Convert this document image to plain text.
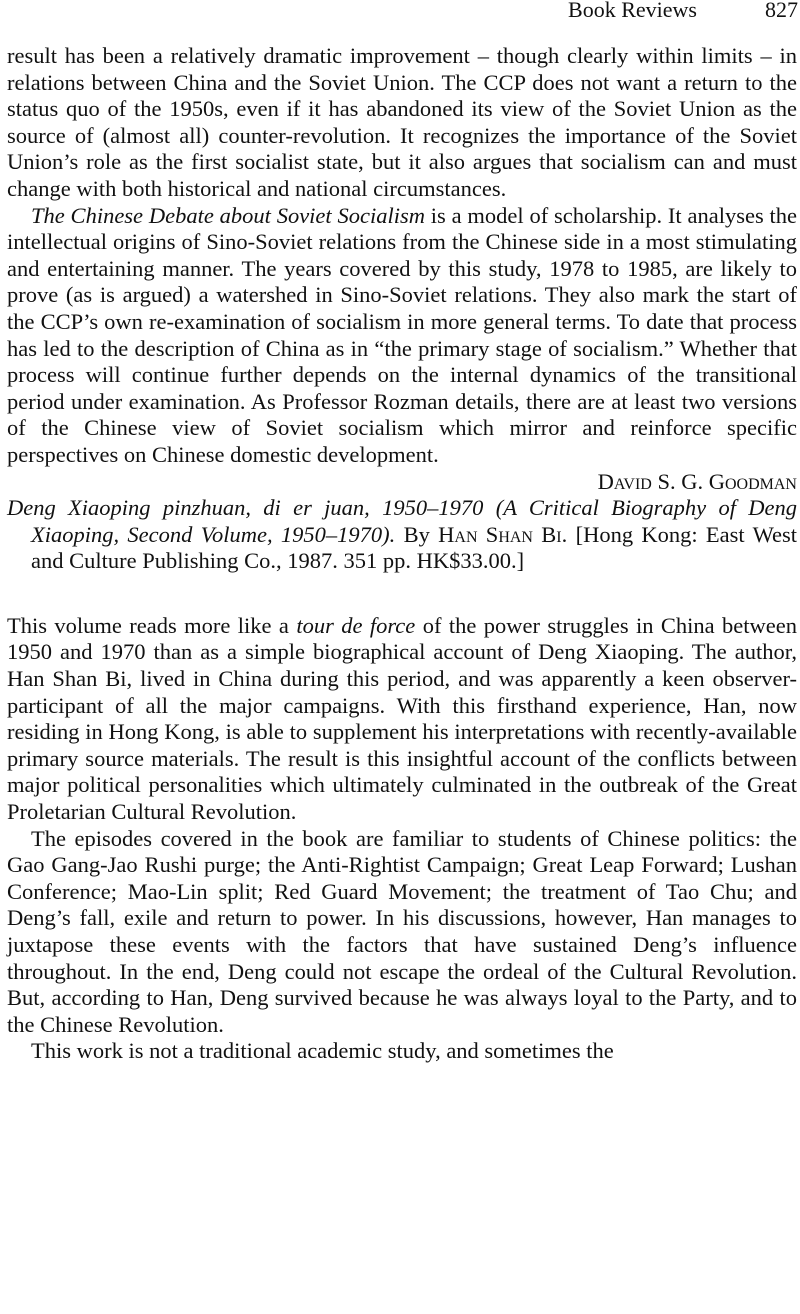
Book Reviews	827

result has been a relatively dramatic improvement – though clearly within limits – in relations between China and the Soviet Union. The CCP does not want a return to the status quo of the 1950s, even if it has abandoned its view of the Soviet Union as the source of (almost all) counter-revolution. It recognizes the importance of the Soviet Union’s role as the first socialist state, but it also argues that socialism can and must change with both historical and national circumstances.

The Chinese Debate about Soviet Socialism is a model of scholarship. It analyses the intellectual origins of Sino-Soviet relations from the Chinese side in a most stimulating and entertaining manner. The years covered by this study, 1978 to 1985, are likely to prove (as is argued) a watershed in Sino-Soviet relations. They also mark the start of the CCP’s own re-examination of socialism in more general terms. To date that process has led to the description of China as in “the primary stage of socialism.” Whether that process will continue further depends on the internal dynamics of the transitional period under examination. As Professor Rozman details, there are at least two versions of the Chinese view of Soviet socialism which mirror and reinforce specific perspectives on Chinese domestic development.

David S. G. Goodman

Deng Xiaoping pinzhuan, di er juan, 1950–1970 (A Critical Biography of Deng Xiaoping, Second Volume, 1950–1970). By Han Shan Bi. [Hong Kong: East West and Culture Publishing Co., 1987. 351 pp. HK$33.00.]

This volume reads more like a tour de force of the power struggles in China between 1950 and 1970 than as a simple biographical account of Deng Xiaoping. The author, Han Shan Bi, lived in China during this period, and was apparently a keen observer-participant of all the major campaigns. With this firsthand experience, Han, now residing in Hong Kong, is able to supplement his interpretations with recently-available primary source materials. The result is this insightful account of the conflicts between major political personalities which ultimately culminated in the outbreak of the Great Proletarian Cultural Revolution.

The episodes covered in the book are familiar to students of Chinese politics: the Gao Gang-Jao Rushi purge; the Anti-Rightist Campaign; Great Leap Forward; Lushan Conference; Mao-Lin split; Red Guard Movement; the treatment of Tao Chu; and Deng’s fall, exile and return to power. In his discussions, however, Han manages to juxtapose these events with the factors that have sustained Deng’s influence throughout. In the end, Deng could not escape the ordeal of the Cultural Revolution. But, according to Han, Deng survived because he was always loyal to the Party, and to the Chinese Revolution.

This work is not a traditional academic study, and sometimes the
